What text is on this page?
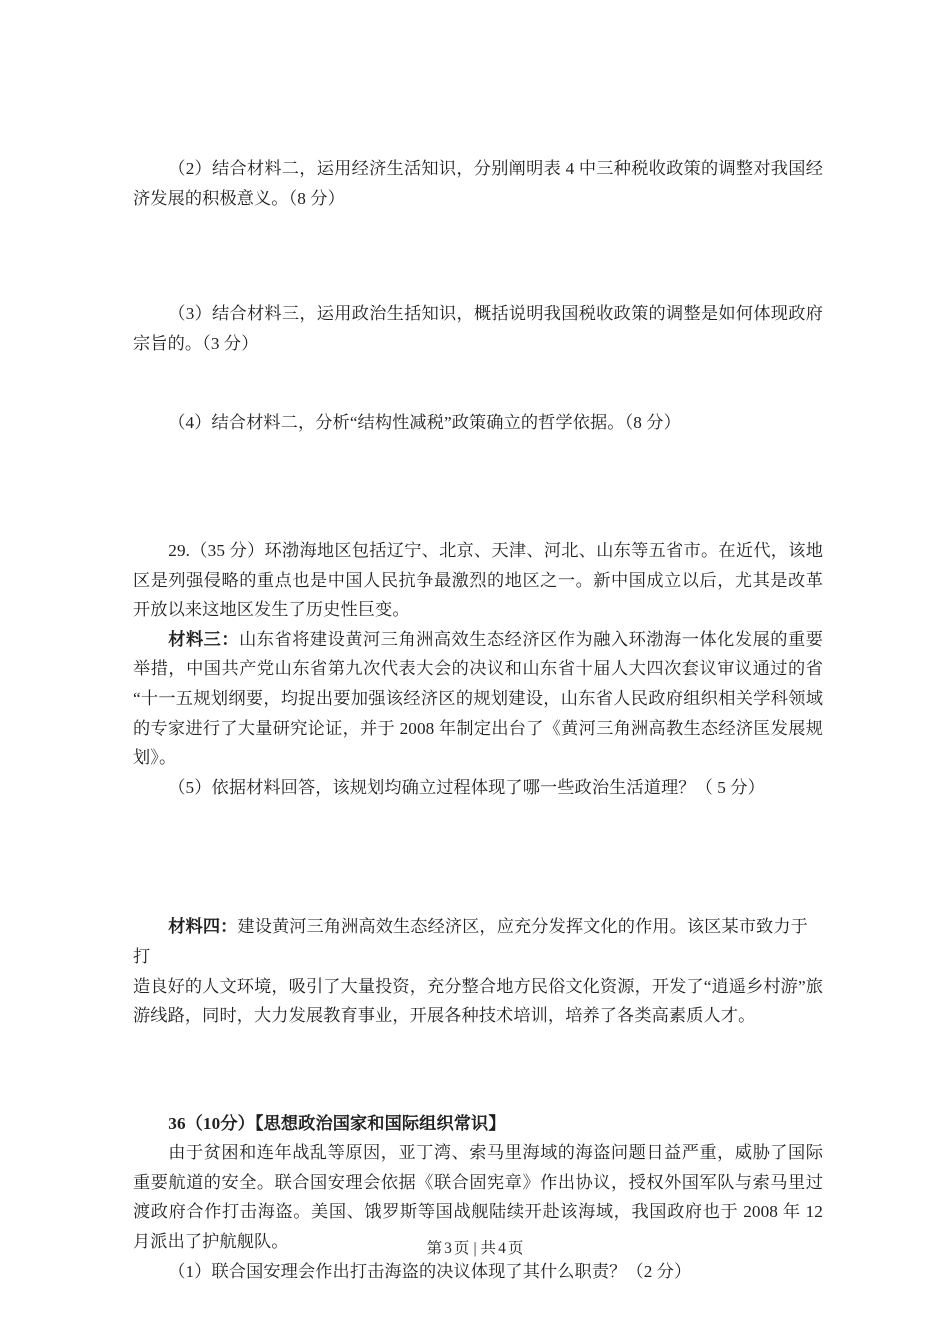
（2）结合材料二，运用经济生活知识，分别阐明表 4 中三种税收政策的调整对我国经济发展的积极意义。（8 分）

（3）结合材料三，运用政治生括知识，概括说明我国税收政策的调整是如何体现政府宗旨的。（3 分）

（4）结合材料二，分析“结构性减税”政策确立的哲学依据。（8 分）

29.（35 分）环渤海地区包括辽宁、北京、天津、河北、山东等五省市。在近代，该地区是列强侵略的重点也是中国人民抗争最激烈的地区之一。新中国成立以后，尤其是改革开放以来这地区发生了历史性巨变。

材料三：山东省将建设黄河三角洲高效生态经济区作为融入环渤海一体化发展的重要举措，中国共产党山东省第九次代表大会的决议和山东省十届人大四次套议审议通过的省“十一五规划纲要，均捉出要加强该经济区的规划建设，山东省人民政府组织相关学科领域的专家进行了大量研究论证，并于 2008 年制定出台了《黄河三角洲高教生态经济匡发展规划》。

（5）依据材料回答，该规划均确立过程体现了哪一些政治生活道理？（ 5 分）

材料四：建设黄河三角洲高效生态经济区，应充分发挥文化的作用。该区某市致力于

打

造良好的人文环境，吸引了大量投资，充分整合地方民俗文化资源，开发了“逍遥乡村游”旅游线路，同时，大力发展教育事业，开展各种技术培训，培养了各类高素质人才。

36（10分）【思想政治国家和国际组织常识】

由于贫困和连年战乱等原因，亚丁湾、索马里海域的海盗问题日益严重，威胁了国际重要航道的安全。联合国安理会依据《联合固宪章》作出协议，授权外国军队与索马里过渡政府合作打击海盗。美国、饿罗斯等国战舰陆续开赴该海域，我国政府也于 2008 年 12 月派出了护航舰队。

（1）联合国安理会作出打击海盗的决议体现了其什么职责？（2 分）

第 3 页 | 共 4 页
